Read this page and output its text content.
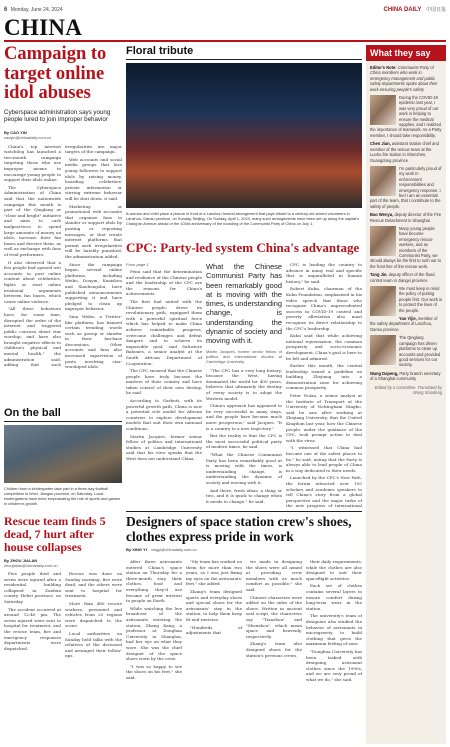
6 Monday, June 24, 2024	CHINA DAILY 中国日报
CHINA
Campaign to target online idol abuses
Cyberspace administration says young people lured to join improper behavior
By CAO YIN
caoyin@chinadaily.com.cn

China's top internet watchdog has launched a two-month campaign targeting those who use improper means to encourage young people to support their idols online.

The Cyberspace Administration of China said that the nationwide campaign this month is part of the Qinglang or "clear and bright" initiative and aims to curb malpractices to spend large amounts of money on idols, increase their fan bases and deceive them, as well as exchange with fans of rival performers.

It also observed that a few people had opened wet accounts to post online content about celebrities, fights or start online irrational arguments between fan bases, which cause online violence.

"All these behaviors have, for some time, disrupted the order of the internet and triggered public concern about star worship, and have also brought negative effects to children's physical and mental health," the administration said, adding that such irregularities are major targets of the campaign.

Web accounts and social media groups that lure young followers to support idols by raising money, hoarding celebrities' private information or stirring extreme behavior will be shut down, it said.

Marketing or promotional web accounts that organize fans to slander or support idols by posting or reposting messages, or that create internet platforms that permit such irregularities will be harshly punished, the administration added.

Since the campaign began, several online platforms, including Weibo, Douyin, Kuaishou and Xiaohongshu, have published announcements supporting it and have pledged to clean up improper behavior.

Sina Weibo, a Twitter-like platform, has banned certain trending words such as gossip or slander in their fan-base discussions. Other accounts and fans also increased supervision of posts involving star-worshiped idols.

On the ball
Children from a kindergarten take part in a three-day football competition in Wuxi, Jiangsu province, on Saturday. Local kindergartens have been emphasizing the role of sports and games in children's growth.
Rescue team finds 5 dead, 7 hurt after house collapses
By ZHOU JIALAN
zhoujialan@chinadaily.com.cn

Five people died and seven were injured after a residential building collapsed in Zunhua county, Hebei province, on Saturday.

The accident occurred at around 12:40 pm. The seven injured were sent to hospital for treatment, and the rescue team, fire and emergency responses departments were dispatched.

Rescue was done on Sunday morning, five were dead, and the others were sent to hospital for treatment.

More than 480 rescue workers, personnel and vehicles from 20 regions were dispatched to the scene.

Local authorities on Sunday held talks with the relatives of the deceased and arranged their follow-ups.

Floral tribute
A woman and child place a picture in front of a Lanzhou funeral arrangement that pays tribute to a century-old armed volunteers in Lanzhou, Gansu province, on Sunday, Beijing. On Sunday, April 1, 2024, many such arrangements have been set up along the capital's Chang'an Avenue ahead of the 103rd anniversary of the founding of the Communist Party of China on July 1.
CPC: Party-led system China's advantage
From page 1

Fenn said that the determination and resilience of the Chinese people and the leadership of the CPC are the reasons for China's achievements.

The first foal united with the Chinese people, drove its revolutionary path, equipped them with a powerful spiritual force which has helped to make China achieve remarkable progress, overcome challenges and defeat dangers and to achieve its impossible goal, said Salvatore Babones, a senior analyst at the South African Department of Cooperation.

The CPC ensured that the Chinese people have truly become the masters of their country and have taken control of their own destiny, he said.

According to Garbutt, with its powerful growth path, China is now a potential role model for African countries to explore development models that suit their own national conditions.

Martin Jacques, former senior fellow of politics and international studies at Cambridge University said that his view speaks that the West does not understand China.

What the Chinese Communist Party has been remarkably good at is moving with the times, is understanding change, is understanding the dynamic of society and moving with it.
Martin Jacques, former senior fellow of politics and international studies at Cambridge University

"The CPC has a very long history, because the West, having dominated the world for 400 years, believes that ultimately the destiny of every society is to adopt the Western model.

China's approach has appeared to be very successful in many ways, and the people have become much more prosperous," said Jacques, "It is a country to a new trajectory."

But the reality is that the CPC is the most successful political party of modern times, he said.

"What the Chinese Communist Party has been remarkably good at is moving with the times, is understanding change, is understanding the dynamic of society and moving with it.

And there, fresh ideas, a thing or two, and it is quick to change when it needs to change," he said.

CPC is leading the country to advance in many real and specific that is unparalleled in human history," he said.

Robert Kuhn, chairman of the Kuhn Foundation, emphasized in his video speech that those who recognize China's unprecedented success in COVID-19 control and poverty alleviation also must recognize its direct relationship to the CPC's leadership.

Kuhn said that while achieving national rejuvenation, the common prosperity and socio-economic development, China's goal is here to be felt and admired.

Earlier this month, the central leadership issued a guideline on building Zhejiang into a demonstration zone for achieving common prosperity.

Peter Nolan, a senior analyst at the Institute of Transport at the University of Nottingham Ningbo, said he saw after working at Zhejiang University, that the United Kingdom last year, how the Chinese people, under the guidance of the CPC, took prompt action to deal with the virus.

"I witnessed that China had become one of the safest places to be," he said, noting that the Party is always able to lead people of China in a way dedicated to their needs.

Launched by the CPC's New Path, the forum attracted over 100 scholars and academic speakers to tell China's story from a global perspective and the major tasks of the new progress of international

Designers of space station crew's shoes, clothes express pride in work
By XING YI xingyi@chinadaily.com.cn

After three astronauts entered China's space station on Thursday for a three-month stay, their clothes, food and everything they'd use became of great interest to people on Earth.

While watching the live broadcast of the astronauts entering the station, Zhang Kang, a professor at Donghua University in Shanghai, had her eye on what they wore. She was the chief designer of the space shoes worn by the crew.

"I was so happy to see the shoes on his feet," she said.

"My team has worked on them for more than two years, so I was just fixing my eyes on the astronauts' feet," she added.

Zhang's team designed sports and everyday shoes and special shoes for the astronauts' stay in the station, to help them keep fit and exercise.

"Hundreds of adjustments that

we made in designing the shoes were all aimed at providing crew members with as much comfort as possible," she said.

Chinese characters were added on the sides of the shoes. Written in ancient seal script, the characters say "Tianzhou" and "Shenzhou", which mean space and heavenly, respectively.

Zhang's team also designed shoes for the station's previous crews.

their daily requirements, while the clothes are also designed to suit their spaceflight activities.

Each set of clothes contains several layers to ensure comfort during long-term wear in the station.

The university's team of designers also studied the behavior of astronauts in microgravity to build clothing that gives the maximum feeling of ease.

"Donghua University has been tasked with designing astronaut clothes since the 1990s, and we are very proud of what we do," she said.

What they say

Editor's Note: Communist Party of China members who work in emergency management and public safety departments spoke about their work ensuring people's safety.

During the COVID-19 epidemic last year, I was very proud of our work in helping to ensure the medical supplies, and I realized the importance of teamwork. As a Party member, I should take responsibility.

Chen Jian, assistant station chief and member of the rescue team at the Luohu fire station in Shenzhen, Guangdong province

I'm particularly proud of my work in enforcement responsibilities and emergency response. I feel I am an essential part of the team, that I contribute to the safety of people.

Bao Wenyu, deputy director of the Fire Rescue Detachment in Shanghai

Many young people have become emergency rescue workers, and as members of the Communist Party, we should always be the first to rush out to the front line of the rescue work.

Tang Jie, deputy officer of the flood control team in Jiangxi province

We must keep in mind the policy of putting people first. Our work is to protect the lives of the people.

Yao Yijie, member of the safety department of Lanzhou, Gansu province

The Qinglang campaign has driven platforms to clean up accounts and provided good services for our society.

Wang Dapeng, Party branch secretary of a Shanghai community

Edited by a committee. Translated by Wang Xiaodong
